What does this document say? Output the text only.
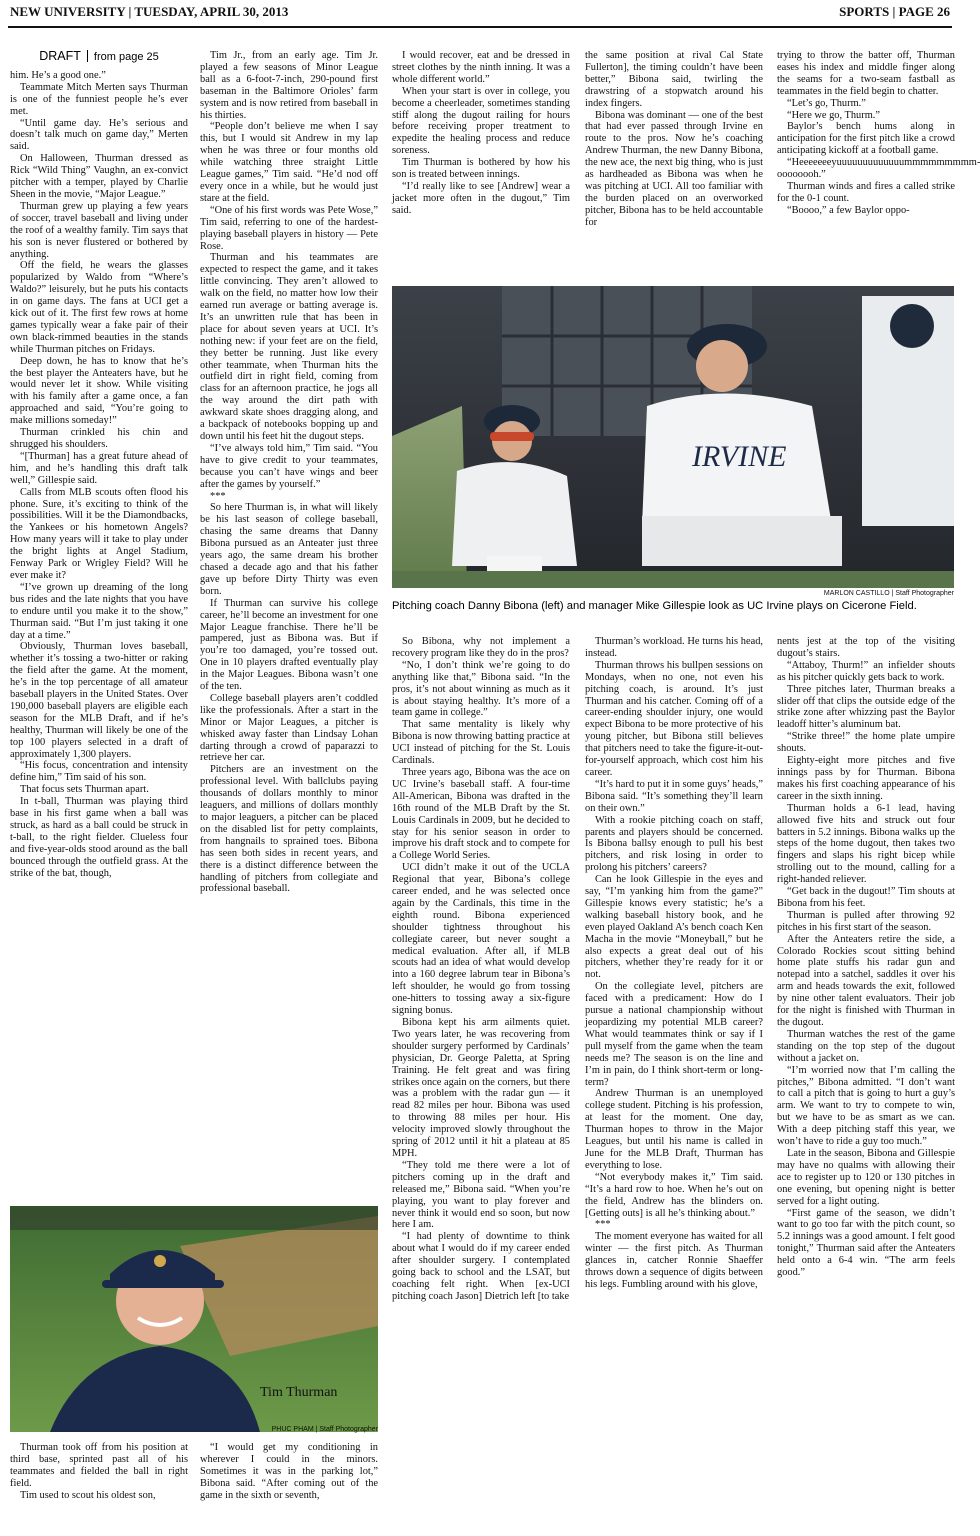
NEW UNIVERSITY | TUESDAY, APRIL 30, 2013	SPORTS | PAGE 26
DRAFT from page 25

him. He’s a good one.”

Teammate Mitch Merten says Thurman is one of the funniest people he’s ever met.

“Until game day. He’s serious and doesn’t talk much on game day,” Merten said.

On Halloween, Thurman dressed as Rick “Wild Thing” Vaughn, an ex-convict pitcher with a temper, played by Charlie Sheen in the movie, “Major League.”

Thurman grew up playing a few years of soccer, travel baseball and living under the roof of a wealthy family. Tim says that his son is never flustered or bothered by anything.

Off the field, he wears the glasses popularized by Waldo from “Where’s Waldo?” leisurely, but he puts his contacts in on game days. The fans at UCI get a kick out of it. The first few rows at home games typically wear a fake pair of their own black-rimmed beauties in the stands while Thurman pitches on Fridays.

Deep down, he has to know that he’s the best player the Anteaters have, but he would never let it show. While visiting with his family after a game once, a fan approached and said, “You’re going to make millions someday!”

Thurman crinkled his chin and shrugged his shoulders.

“[Thurman] has a great future ahead of him, and he’s handling this draft talk well,” Gillespie said.

Calls from MLB scouts often flood his phone. Sure, it’s exciting to think of the possibilities. Will it be the Diamondbacks, the Yankees or his hometown Angels? How many years will it take to play under the bright lights at Angel Stadium, Fenway Park or Wrigley Field? Will he ever make it?

“I’ve grown up dreaming of the long bus rides and the late nights that you have to endure until you make it to the show,” Thurman said. “But I’m just taking it one day at a time.”

Obviously, Thurman loves baseball, whether it’s tossing a two-hitter or raking the field after the game. At the moment, he’s in the top percentage of all amateur baseball players in the United States. Over 190,000 baseball players are eligible each season for the MLB Draft, and if he’s healthy, Thurman will likely be one of the top 100 players selected in a draft of approximately 1,300 players.

“His focus, concentration and intensity define him,” Tim said of his son.

That focus sets Thurman apart.

In t-ball, Thurman was playing third base in his first game when a ball was struck, as hard as a ball could be struck in t-ball, to the right fielder. Clueless four and five-year-olds stood around as the ball bounced through the outfield grass. At the strike of the bat, though,

Tim Jr., from an early age. Tim Jr. played a few seasons of Minor League ball as a 6-foot-7-inch, 290-pound first baseman in the Baltimore Orioles’ farm system and is now retired from baseball in his thirties.

“People don’t believe me when I say this, but I would sit Andrew in my lap when he was three or four months old while watching three straight Little League games,” Tim said. “He’d nod off every once in a while, but he would just stare at the field.

“One of his first words was Pete Wose,” Tim said, referring to one of the hardest-playing baseball players in history — Pete Rose.

Thurman and his teammates are expected to respect the game, and it takes little convincing. They aren’t allowed to walk on the field, no matter how low their earned run average or batting average is. It’s an unwritten rule that has been in place for about seven years at UCI. It’s nothing new: if your feet are on the field, they better be running. Just like every other teammate, when Thurman hits the outfield dirt in right field, coming from class for an afternoon practice, he jogs all the way around the dirt path with awkward skate shoes dragging along, and a backpack of notebooks bopping up and down until his feet hit the dugout steps.

“I’ve always told him,” Tim said. “You have to give credit to your teammates, because you can’t have wings and beer after the games by yourself.”

***

So here Thurman is, in what will likely be his last season of college baseball, chasing the same dreams that Danny Bibona pursued as an Anteater just three years ago, the same dream his brother chased a decade ago and that his father gave up before Dirty Thirty was even born.

If Thurman can survive his college career, he’ll become an investment for one Major League franchise. There he’ll be pampered, just as Bibona was. But if you’re too damaged, you’re tossed out. One in 10 players drafted eventually play in the Major Leagues. Bibona wasn’t one of the ten.

College baseball players aren’t coddled like the professionals. After a start in the Minor or Major Leagues, a pitcher is whisked away faster than Lindsay Lohan darting through a crowd of paparazzi to retrieve her car.

Pitchers are an investment on the professional level. With ballclubs paying thousands of dollars monthly to minor leaguers, and millions of dollars monthly to major leaguers, a pitcher can be placed on the disabled list for petty complaints, from hangnails to sprained toes. Bibona has seen both sides in recent years, and there is a distinct difference between the handling of pitchers from collegiate and professional baseball.

I would recover, eat and be dressed in street clothes by the ninth inning. It was a whole different world.”

When your start is over in college, you become a cheerleader, sometimes standing stiff along the dugout railing for hours before receiving proper treatment to expedite the healing process and reduce soreness.

Tim Thurman is bothered by how his son is treated between innings.

“I’d really like to see [Andrew] wear a jacket more often in the dugout,” Tim said.

the same position at rival Cal State Fullerton], the timing couldn’t have been better,” Bibona said, twirling the drawstring of a stopwatch around his index fingers.

Bibona was dominant — one of the best that had ever passed through Irvine en route to the pros. Now he’s coaching Andrew Thurman, the new Danny Bibona, the new ace, the next big thing, who is just as hardheaded as Bibona was when he was pitching at UCI. All too familiar with the burden placed on an overworked pitcher, Bibona has to be held accountable for

trying to throw the batter off, Thurman eases his index and middle finger along the seams for a two-seam fastball as teammates in the field begin to chatter.

“Let’s go, Thurm.”

“Here we go, Thurm.”

Baylor’s bench hums along in anticipation for the first pitch like a crowd anticipating kickoff at a football game.

“Heeeeeeeyuuuuuuuuuuuuummmmmmmmm-oooooooh.”

Thurman winds and fires a called strike for the 0-1 count.

“Boooo,” a few Baylor oppo-

IRVINE
MARLON CASTILLO | Staff Photographer
Pitching coach Danny Bibona (left) and manager Mike Gillespie look as UC Irvine plays on Cicerone Field.
Tim Thurman
PHUC PHAM | Staff Photographer

Thurman took off from his position at third base, sprinted past all of his teammates and fielded the ball in right field.

Tim used to scout his oldest son,

“I would get my conditioning in wherever I could in the minors. Sometimes it was in the parking lot,” Bibona said. “After coming out of the game in the sixth or seventh,

So Bibona, why not implement a recovery program like they do in the pros?

“No, I don’t think we’re going to do anything like that,” Bibona said. “In the pros, it’s not about winning as much as it is about staying healthy. It’s more of a team game in college.”

That same mentality is likely why Bibona is now throwing batting practice at UCI instead of pitching for the St. Louis Cardinals.

Three years ago, Bibona was the ace on UC Irvine’s baseball staff. A four-time All-American, Bibona was drafted in the 16th round of the MLB Draft by the St. Louis Cardinals in 2009, but he decided to stay for his senior season in order to improve his draft stock and to compete for a College World Series.

UCI didn’t make it out of the UCLA Regional that year, Bibona’s college career ended, and he was selected once again by the Cardinals, this time in the eighth round. Bibona experienced shoulder tightness throughout his collegiate career, but never sought a medical evaluation. After all, if MLB scouts had an idea of what would develop into a 160 degree labrum tear in Bibona’s left shoulder, he would go from tossing one-hitters to tossing away a six-figure signing bonus.

Bibona kept his arm ailments quiet. Two years later, he was recovering from shoulder surgery performed by Cardinals’ physician, Dr. George Paletta, at Spring Training. He felt great and was firing strikes once again on the corners, but there was a problem with the radar gun — it read 82 miles per hour. Bibona was used to throwing 88 miles per hour. His velocity improved slowly throughout the spring of 2012 until it hit a plateau at 85 MPH.

“They told me there were a lot of pitchers coming up in the draft and released me,” Bibona said. “When you’re playing, you want to play forever and never think it would end so soon, but now here I am.

“I had plenty of downtime to think about what I would do if my career ended after shoulder surgery. I contemplated going back to school and the LSAT, but coaching felt right. When [ex-UCI pitching coach Jason] Dietrich left [to take

Thurman’s workload. He turns his head, instead.

Thurman throws his bullpen sessions on Mondays, when no one, not even his pitching coach, is around. It’s just Thurman and his catcher. Coming off of a career-ending shoulder injury, one would expect Bibona to be more protective of his young pitcher, but Bibona still believes that pitchers need to take the figure-it-out-for-yourself approach, which cost him his career.

“It’s hard to put it in some guys’ heads,” Bibona said. “It’s something they’ll learn on their own.”

With a rookie pitching coach on staff, parents and players should be concerned. Is Bibona ballsy enough to pull his best pitchers, and risk losing in order to prolong his pitchers’ careers?

Can he look Gillespie in the eyes and say, “I’m yanking him from the game?” Gillespie knows every statistic; he’s a walking baseball history book, and he even played Oakland A’s bench coach Ken Macha in the movie “Moneyball,” but he also expects a great deal out of his pitchers, whether they’re ready for it or not.

On the collegiate level, pitchers are faced with a predicament: How do I pursue a national championship without jeopardizing my potential MLB career? What would teammates think or say if I pull myself from the game when the team needs me? The season is on the line and I’m in pain, do I think short-term or long-term?

Andrew Thurman is an unemployed college student. Pitching is his profession, at least for the moment. One day, Thurman hopes to throw in the Major Leagues, but until his name is called in June for the MLB Draft, Thurman has everything to lose.

“Not everybody makes it,” Tim said. “It’s a hard row to hoe. When he’s out on the field, Andrew has the blinders on. [Getting outs] is all he’s thinking about.”

***

The moment everyone has waited for all winter — the first pitch. As Thurman glances in, catcher Ronnie Shaeffer throws down a sequence of digits between his legs. Fumbling around with his glove,

nents jest at the top of the visiting dugout’s stairs.

“Attaboy, Thurm!” an infielder shouts as his pitcher quickly gets back to work.

Three pitches later, Thurman breaks a slider off that clips the outside edge of the strike zone after whizzing past the Baylor leadoff hitter’s aluminum bat.

“Strike three!” the home plate umpire shouts.

Eighty-eight more pitches and five innings pass by for Thurman. Bibona makes his first coaching appearance of his career in the sixth inning.

Thurman holds a 6-1 lead, having allowed five hits and struck out four batters in 5.2 innings. Bibona walks up the steps of the home dugout, then takes two fingers and slaps his right bicep while strolling out to the mound, calling for a right-handed reliever.

“Get back in the dugout!” Tim shouts at Bibona from his feet.

Thurman is pulled after throwing 92 pitches in his first start of the season.

After the Anteaters retire the side, a Colorado Rockies scout sitting behind home plate stuffs his radar gun and notepad into a satchel, saddles it over his arm and heads towards the exit, followed by nine other talent evaluators. Their job for the night is finished with Thurman in the dugout.

Thurman watches the rest of the game standing on the top step of the dugout without a jacket on.

“I’m worried now that I’m calling the pitches,” Bibona admitted. “I don’t want to call a pitch that is going to hurt a guy’s arm. We want to try to compete to win, but we have to be as smart as we can. With a deep pitching staff this year, we won’t have to ride a guy too much.”

Late in the season, Bibona and Gillespie may have no qualms with allowing their ace to register up to 120 or 130 pitches in one evening, but opening night is better served for a light outing.

“First game of the season, we didn’t want to go too far with the pitch count, so 5.2 innings was a good amount. I felt good tonight,” Thurman said after the Anteaters held onto a 6-4 win. “The arm feels good.”
